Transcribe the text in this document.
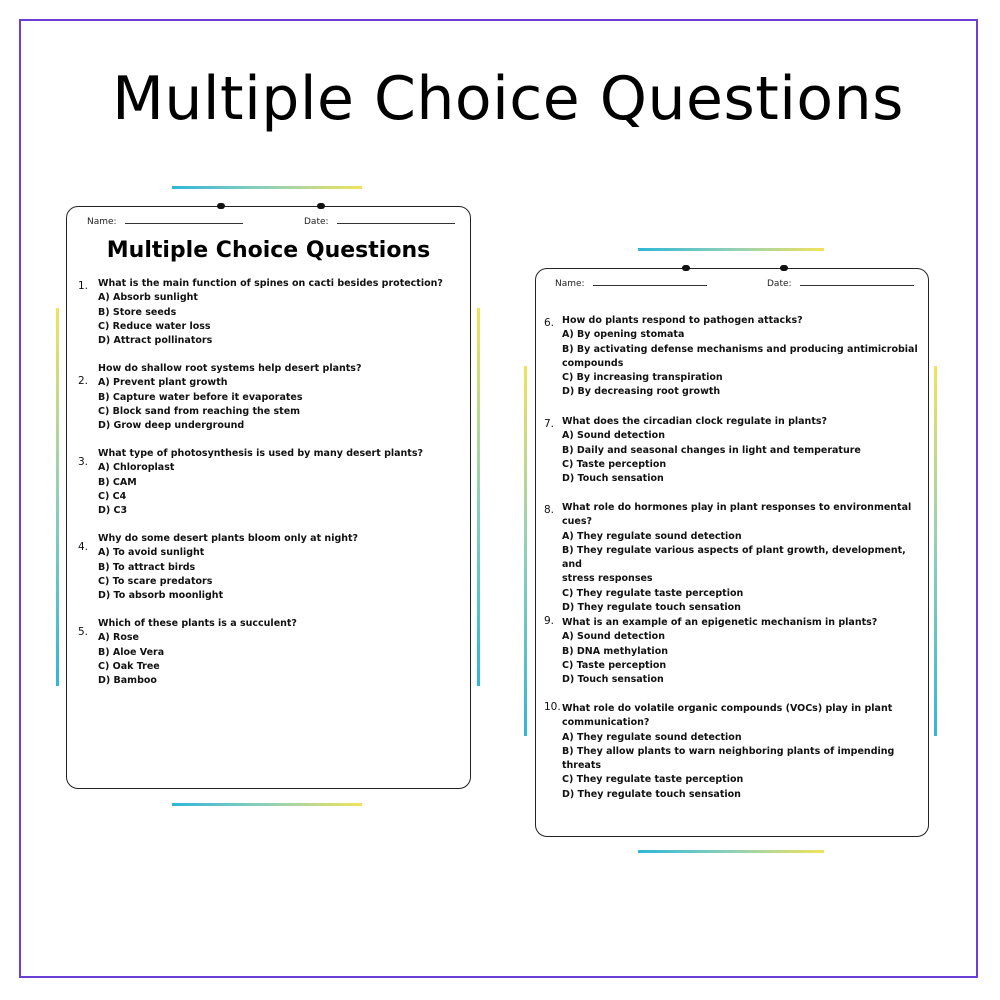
Multiple Choice Questions
Name:	Date:
Multiple Choice Questions
1. What is the main function of spines on cacti besides protection?
A) Absorb sunlight
B) Store seeds
C) Reduce water loss
D) Attract pollinators
2.
How do shallow root systems help desert plants?
A) Prevent plant growth
B) Capture water before it evaporates
C) Block sand from reaching the stem
D) Grow deep underground
3.
What type of photosynthesis is used by many desert plants?
A) Chloroplast
B) CAM
C) C4
D) C3
4.
Why do some desert plants bloom only at night?
A) To avoid sunlight
B) To attract birds
C) To scare predators
D) To absorb moonlight
5.
Which of these plants is a succulent?
A) Rose
B) Aloe Vera
C) Oak Tree
D) Bamboo
Name:	Date:
6. How do plants respond to pathogen attacks?
A) By opening stomata
B) By activating defense mechanisms and producing antimicrobial
compounds
C) By increasing transpiration
D) By decreasing root growth
7. What does the circadian clock regulate in plants?
A) Sound detection
B) Daily and seasonal changes in light and temperature
C) Taste perception
D) Touch sensation
8. What role do hormones play in plant responses to environmental
cues?
A) They regulate sound detection
B) They regulate various aspects of plant growth, development, and
stress responses
C) They regulate taste perception
D) They regulate touch sensation
9. What is an example of an epigenetic mechanism in plants?
A) Sound detection
B) DNA methylation
C) Taste perception
D) Touch sensation
10. What role do volatile organic compounds (VOCs) play in plant
communication?
A) They regulate sound detection
B) They allow plants to warn neighboring plants of impending threats
C) They regulate taste perception
D) They regulate touch sensation
